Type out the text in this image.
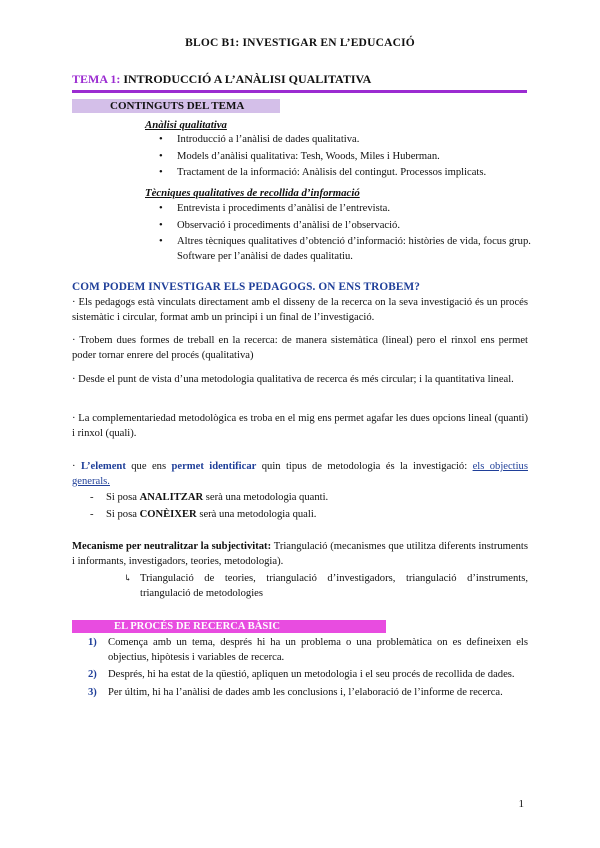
BLOC B1: INVESTIGAR EN L’EDUCACIÓ
TEMA 1: INTRODUCCIÓ A L’ANÀLISI QUALITATIVA
CONTINGUTS DEL TEMA
Anàlisi qualitativa
• Introducció a l’anàlisi de dades qualitativa.
• Models d’anàlisi qualitativa: Tesh, Woods, Miles i Huberman.
• Tractament de la informació: Anàlisis del contingut. Processos implicats.
Tècniques qualitatives de recollida d’informació
• Entrevista i procediments d’anàlisi de l’entrevista.
• Observació i procediments d’anàlisi de l’observació.
• Altres tècniques qualitatives d’obtenció d’informació: històries de vida, focus grup. Software per l’anàlisi de dades qualitatiu.
COM PODEM INVESTIGAR ELS PEDAGOGS. ON ENS TROBEM?

· Els pedagogs està vinculats directament amb el disseny de la recerca on la seva investigació és un procés sistemàtic i circular, format amb un principi i un final de l’investigació.

· Trobem dues formes de treball en la recerca: de manera sistemàtica (lineal) pero el rinxol ens permet poder tornar enrere del procés (qualitativa)

· Desde el punt de vista d’una metodologia qualitativa de recerca és més circular; i la quantitativa lineal.

· La complementariedad metodològica es troba en el mig ens permet agafar les dues opcions lineal (quanti) i rinxol (quali).

· L’element que ens permet identificar quin tipus de metodologia és la investigació: els objectius generals.

- Si posa ANALITZAR serà una metodologia quanti.
- Si posa CONÈIXER serà una metodologia quali.

Mecanisme per neutralitzar la subjectivitat: Triangulació (mecanismes que utilitza diferents instruments i informants, investigadors, teories, metodologia).

↳ Triangulació de teories, triangulació d’investigadors, triangulació d’instruments, triangulació de metodologies
EL PROCÉS DE RECERCA BÀSIC
1) Comença amb un tema, després hi ha un problema o una problemàtica on es defineixen els objectius, hipòtesis i variables de recerca.
2) Després, hi ha estat de la qüestió, apliquen un metodologia i el seu procés de recollida de dades.
3) Per últim, hi ha l’anàlisi de dades amb les conclusions i, l’elaboració de l’informe de recerca.
1
